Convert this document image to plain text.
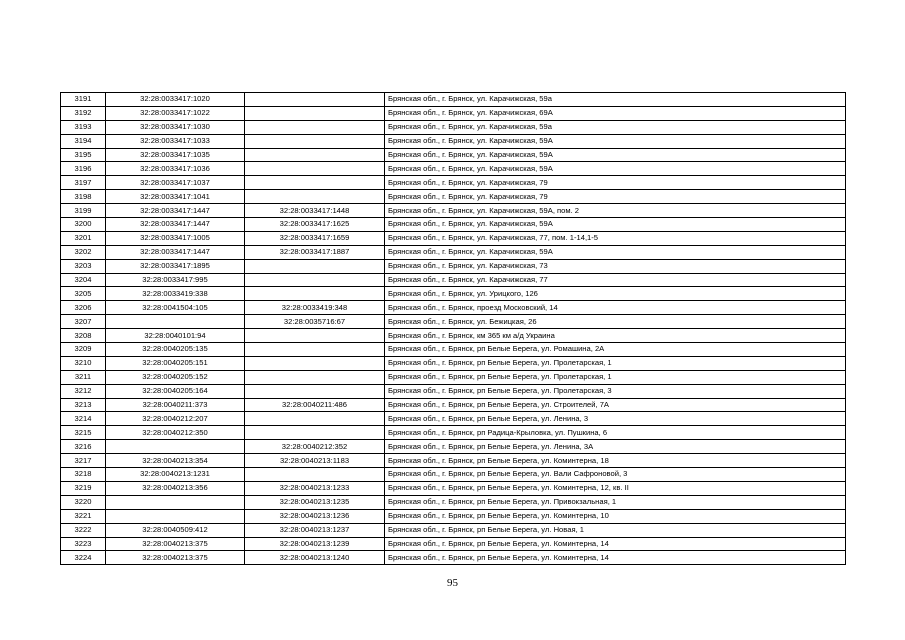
3191	32:28:0033417:1020		Брянская обл., г. Брянск, ул. Карачижская, 59а
3192	32:28:0033417:1022		Брянская обл., г. Брянск, ул. Карачижская, 69А
3193	32:28:0033417:1030		Брянская обл., г. Брянск, ул. Карачижская, 59а
3194	32:28:0033417:1033		Брянская обл., г. Брянск, ул. Карачижская, 59А
3195	32:28:0033417:1035		Брянская обл., г. Брянск, ул. Карачижская, 59А
3196	32:28:0033417:1036		Брянская обл., г. Брянск, ул. Карачижская, 59А
3197	32:28:0033417:1037		Брянская обл., г. Брянск, ул. Карачижская, 79
3198	32:28:0033417:1041		Брянская обл., г. Брянск, ул. Карачижская, 79
3199	32:28:0033417:1447	32:28:0033417:1448	Брянская обл., г. Брянск, ул. Карачижская, 59А, пом. 2
3200	32:28:0033417:1447	32:28:0033417:1625	Брянская обл., г. Брянск, ул. Карачижская, 59А
3201	32:28:0033417:1005	32:28:0033417:1659	Брянская обл., г. Брянск, ул. Карачижская, 77, пом. 1-14,1-5
3202	32:28:0033417:1447	32:28:0033417:1887	Брянская обл., г. Брянск, ул. Карачижская, 59А
3203	32:28:0033417:1895		Брянская обл., г. Брянск, ул. Карачижская, 73
3204	32:28:0033417:995		Брянская обл., г. Брянск, ул. Карачижская, 77
3205	32:28:0033419:338		Брянская обл., г. Брянск, ул. Урицкого, 126
3206	32:28:0041504:105	32:28:0033419:348	Брянская обл., г. Брянск, проезд Московский, 14
3207		32:28:0035716:67	Брянская обл., г. Брянск, ул. Бежицкая, 26
3208	32:28:0040101:94		Брянская обл., г. Брянск, км 365 км а/д Украина
3209	32:28:0040205:135		Брянская обл., г. Брянск, рп Белые Берега, ул. Ромашина, 2А
3210	32:28:0040205:151		Брянская обл., г. Брянск, рп Белые Берега, ул. Пролетарская, 1
3211	32:28:0040205:152		Брянская обл., г. Брянск, рп Белые Берега, ул. Пролетарская, 1
3212	32:28:0040205:164		Брянская обл., г. Брянск, рп Белые Берега, ул. Пролетарская, 3
3213	32:28:0040211:373	32:28:0040211:486	Брянская обл., г. Брянск, рп Белые Берега, ул. Строителей, 7А
3214	32:28:0040212:207		Брянская обл., г. Брянск, рп Белые Берега, ул. Ленина, 3
3215	32:28:0040212:350		Брянская обл., г. Брянск, рп Радица-Крыловка, ул. Пушкина, 6
3216		32:28:0040212:352	Брянская обл., г. Брянск, рп Белые Берега, ул. Ленина, 3А
3217	32:28:0040213:354	32:28:0040213:1183	Брянская обл., г. Брянск, рп Белые Берега, ул. Коминтерна, 18
3218	32:28:0040213:1231		Брянская обл., г. Брянск, рп Белые Берега, ул. Вали Сафроновой, 3
3219	32:28:0040213:356	32:28:0040213:1233	Брянская обл., г. Брянск, рп Белые Берега, ул. Коминтерна, 12, кв. II
3220		32:28:0040213:1235	Брянская обл., г. Брянск, рп Белые Берега, ул. Привокзальная, 1
3221		32:28:0040213:1236	Брянская обл., г. Брянск, рп Белые Берега, ул. Коминтерна, 10
3222	32:28:0040509:412	32:28:0040213:1237	Брянская обл., г. Брянск, рп Белые Берега, ул. Новая, 1
3223	32:28:0040213:375	32:28:0040213:1239	Брянская обл., г. Брянск, рп Белые Берега, ул. Коминтерна, 14
3224	32:28:0040213:375	32:28:0040213:1240	Брянская обл., г. Брянск, рп Белые Берега, ул. Коминтерна, 14
95
